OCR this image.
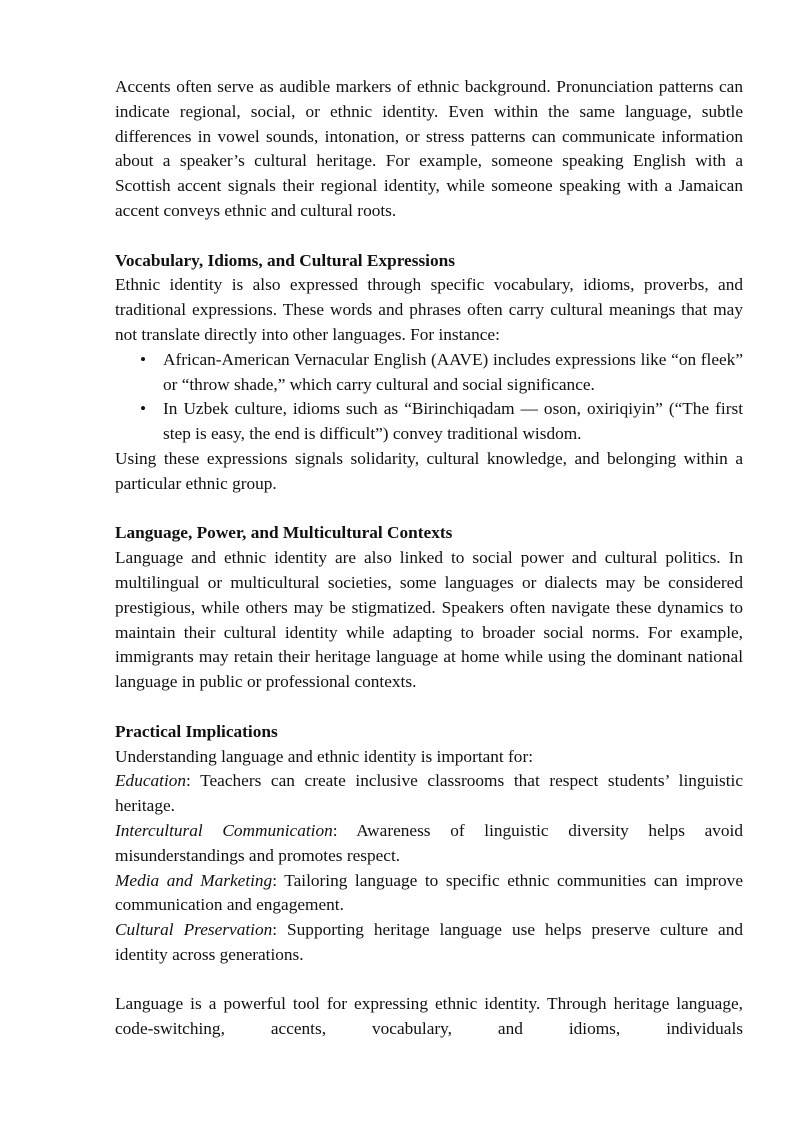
Accents often serve as audible markers of ethnic background. Pronunciation patterns can indicate regional, social, or ethnic identity. Even within the same language, subtle differences in vowel sounds, intonation, or stress patterns can communicate information about a speaker’s cultural heritage. For example, someone speaking English with a Scottish accent signals their regional identity, while someone speaking with a Jamaican accent conveys ethnic and cultural roots.

Vocabulary, Idioms, and Cultural Expressions

Ethnic identity is also expressed through specific vocabulary, idioms, proverbs, and traditional expressions. These words and phrases often carry cultural meanings that may not translate directly into other languages. For instance:

• African-American Vernacular English (AAVE) includes expressions like “on fleek” or “throw shade,” which carry cultural and social significance.
• In Uzbek culture, idioms such as “Birinchiqadam — oson, oxiriqiyin” (“The first step is easy, the end is difficult”) convey traditional wisdom.

Using these expressions signals solidarity, cultural knowledge, and belonging within a particular ethnic group.

Language, Power, and Multicultural Contexts

Language and ethnic identity are also linked to social power and cultural politics. In multilingual or multicultural societies, some languages or dialects may be considered prestigious, while others may be stigmatized. Speakers often navigate these dynamics to maintain their cultural identity while adapting to broader social norms. For example, immigrants may retain their heritage language at home while using the dominant national language in public or professional contexts.

Practical Implications

Understanding language and ethnic identity is important for:

Education: Teachers can create inclusive classrooms that respect students’ linguistic heritage.

Intercultural Communication: Awareness of linguistic diversity helps avoid misunderstandings and promotes respect.

Media and Marketing: Tailoring language to specific ethnic communities can improve communication and engagement.

Cultural Preservation: Supporting heritage language use helps preserve culture and identity across generations.

Language is a powerful tool for expressing ethnic identity. Through heritage language, code-switching, accents, vocabulary, and idioms, individuals
